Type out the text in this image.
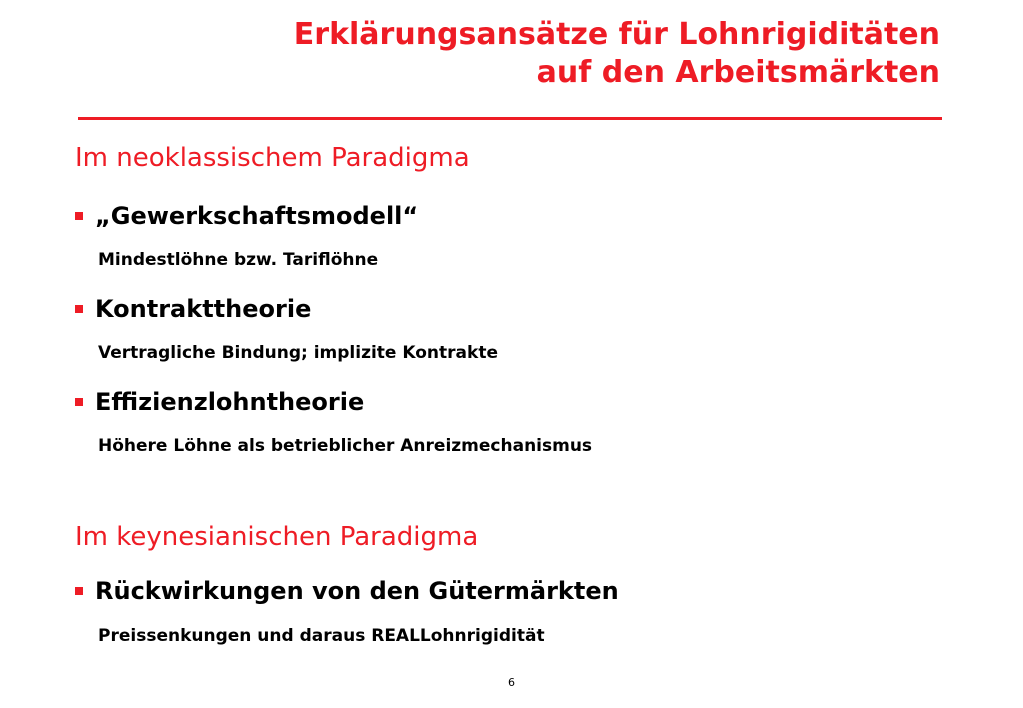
Erklärungsansätze für Lohnrigiditäten
auf den Arbeitsmärkten
Im neoklassischem Paradigma
„Gewerkschaftsmodell“
Mindestlöhne bzw. Tariflöhne
Kontrakttheorie
Vertragliche Bindung; implizite Kontrakte
Effizienzlohntheorie
Höhere Löhne als betrieblicher Anreizmechanismus
Im keynesianischen Paradigma
Rückwirkungen von den Gütermärkten
Preissenkungen und daraus REALLohnrigidität
6
